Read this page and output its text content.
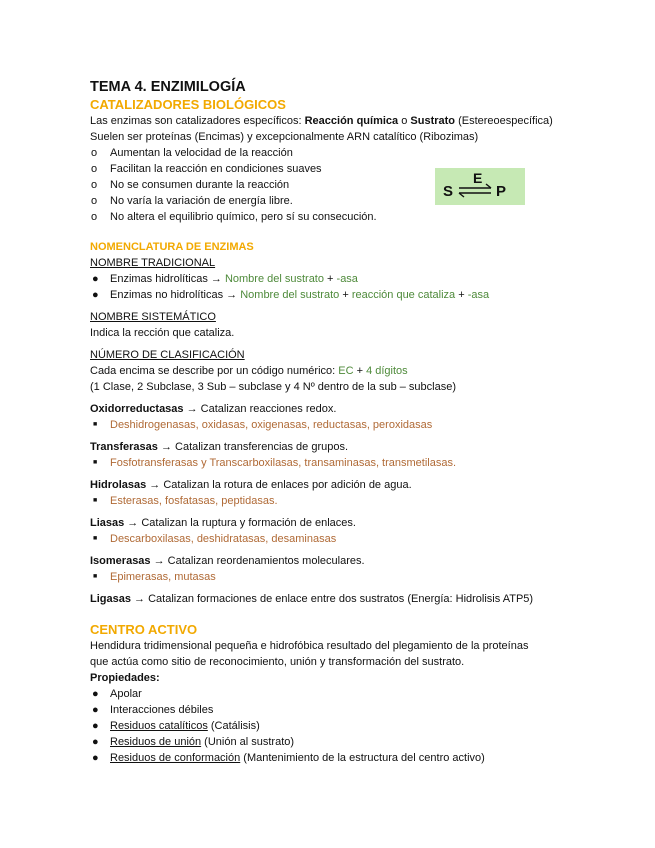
TEMA 4. ENZIMILOGÍA
CATALIZADORES BIOLÓGICOS

Las enzimas son catalizadores específicos: Reacción química o Sustrato (Estereoespecífica)

Suelen ser proteínas (Encimas) y excepcionalmente ARN catalítico (Ribozimas)

o Aumentan la velocidad de la reacción
o Facilitan la reacción en condiciones suaves
o No se consumen durante la reacción
o No varía la variación de energía libre.
o No altera el equilibrio químico, pero sí su consecución.
NOMENCLATURA DE ENZIMAS

NOMBRE TRADICIONAL

● Enzimas hidrolíticas → Nombre del sustrato + -asa
● Enzimas no hidrolíticas → Nombre del sustrato + reacción que cataliza + -asa

NOMBRE SISTEMÁTICO

Indica la rección que cataliza.

NÚMERO DE CLASIFICACIÓN

Cada encima se describe por un código numérico: EC + 4 dígitos

(1 Clase, 2 Subclase, 3 Sub – subclase y 4 Nº dentro de la sub – subclase)

Oxidorreductasas → Catalizan reacciones redox.

■ Deshidrogenasas, oxidasas, oxigenasas, reductasas, peroxidasas

Transferasas → Catalizan transferencias de grupos.

■ Fosfotransferasas y Transcarboxilasas, transaminasas, transmetilasas.

Hidrolasas → Catalizan la rotura de enlaces por adición de agua.

■ Esterasas, fosfatasas, peptidasas.

Liasas → Catalizan la ruptura y formación de enlaces.

■ Descarboxilasas, deshidratasas, desaminasas

Isomerasas → Catalizan reordenamientos moleculares.

■ Epimerasas, mutasas

Ligasas → Catalizan formaciones de enlace entre dos sustratos (Energía: Hidrolisis ATP5)

CENTRO ACTIVO

Hendidura tridimensional pequeña e hidrofóbica resultado del plegamiento de la proteínas

que actúa como sitio de reconocimiento, unión y transformación del sustrato.

Propiedades:

● Apolar
● Interacciones débiles
● Residuos catalíticos (Catálisis)
● Residuos de unión (Unión al sustrato)
● Residuos de conformación (Mantenimiento de la estructura del centro activo)
S
E
P
